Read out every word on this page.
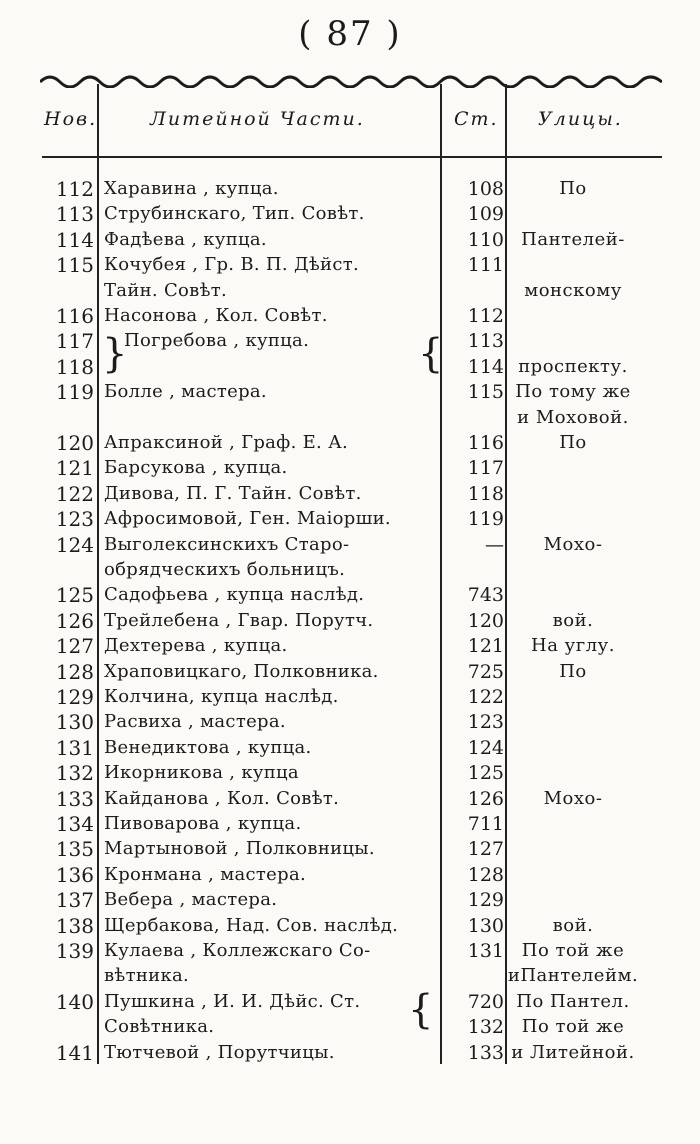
( 87 )
Нов.	Литейной Части.	Ст. Улицы.
112 Харавина , купца.	108	По
113 Струбинскаго, Тип. Совѣт.	109
114 Фадѣева , купца.	110 Пантелей-
115 Кочубея , Гр. В. П. Дѣйст.	111
Тайн. Совѣт.	монскому
116 Насонова , Кол. Совѣт.	112
117 Погребова , купца.	113
118	114 проспекту.
119 Болле , мастера.	115 По тому же
и Моховой.
120 Апраксиной , Граф. Е. А.	116	По
121 Барсукова , купца.	117
122 Дивова, П. Г. Тайн. Совѣт.	118
123 Афросимовой, Ген. Маіорши.	119
124 Выголексинскихъ Старо-	—	Мохо-
обрядческихъ больницъ.
125 Садофьева , купца наслѣд.	743
126 Трейлебена , Гвар. Порутч.	120	вой.
127 Дехтерева , купца.	121	На углу.
128 Храповицкаго, Полковника.	725	По
129 Колчина, купца наслѣд.	122
130 Расвиха , мастера.	123
131 Венедиктова , купца.	124
132 Икорникова , купца	125
133 Кайданова , Кол. Совѣт.	126	Мохо-
134 Пивоварова , купца.	711
135 Мартыновой , Полковницы.	127
136 Кронмана , мастера.	128
137 Вебера , мастера.	129
138 Щербакова, Над. Сов. наслѣд.	130	вой.
139 Кулаева , Коллежскаго Со-	131 По той же
вѣтника.	иПантелейм.
140 Пушкина , И. И. Дѣйс. Ст.	720 По Пантел.
Совѣтника.	132 По той же
141 Тютчевой , Порутчицы.	133 и Литейной.
}	{
{
